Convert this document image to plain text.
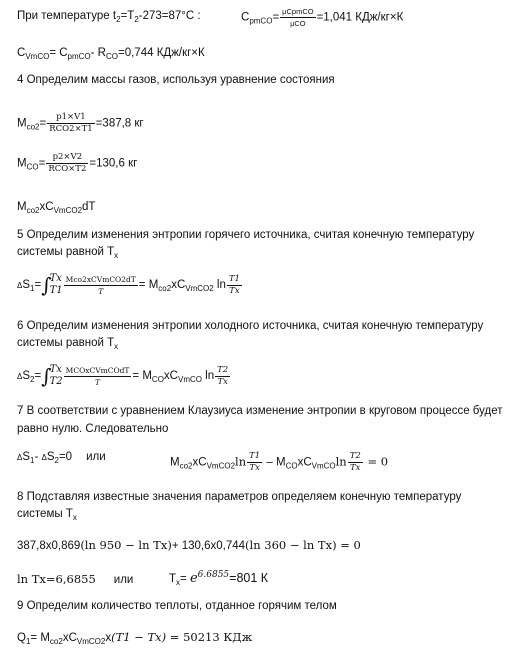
При температуре $t_2=T_2-273=87^\circ С$ :	$C_{pmCO}= \frac{\text{μCpmCO}}{\text{μCO}} =1,041$ КДж/кг×К
$C_{VmCO}= C_{pmCO}-$ $R_{CO}=0,744$ КДж/кг×К
4 Определим массы газов, используя уравнение состояния
$M_{co2}= \frac{p1\times V1}{\text{RCO2×T1}} =387,8$ кг
$M_{CO}= \frac{p2\times V2}{\text{RCO×T2}} =130,6$ кг
$M_{co2}xC_{VmCO2}dT$
5 Определим изменения энтропии горячего источника, считая конечную температуру
системы равной $T_x$
$\Delta S_1=\int$
Tx
$T1 \frac{\text{Mco2xCVmCO2dT}}{T} = M_{co2}xC_{VmCO2}$ $\ln \frac{T1}{Tx}$
6 Определим изменения энтропии холодного источника, считая конечную температуру
системы равной $T_x$
$\Delta S_2=\int$
Tx
$T2 \frac{\text{MCOxCVmCOdT}}{T} = M_{CO}xC_{VmCO}$ $\ln \frac{T2}{Tx}$
7 В соответствии с уравнением Клаузиуса изменение энтропии в круговом процессе будет
равно нулю. Следовательно
$\Delta S_1-$ $\Delta S_2=0$ или	$M_{co2}xC_{VmCO2}\ln \frac{T1}{Tx} - M_{CO}xC_{VmCO}\ln \frac{T2}{Tx} = 0$
8 Подставляя известные значения параметров определяем конечную температуру
системы $T_x$
387,8x0,869(ln 950 − ln Tx)+ 130,6x0,744(ln 360 − ln Tx) = 0
ln Tx=6,6855 или	$T_x= e^{6.6855}=801$ К
9 Определим количество теплоты, отданное горячим телом
$Q_1= M_{co2}xC_{VmCO2}x(T1 - Tx) = 50213$ КДж
